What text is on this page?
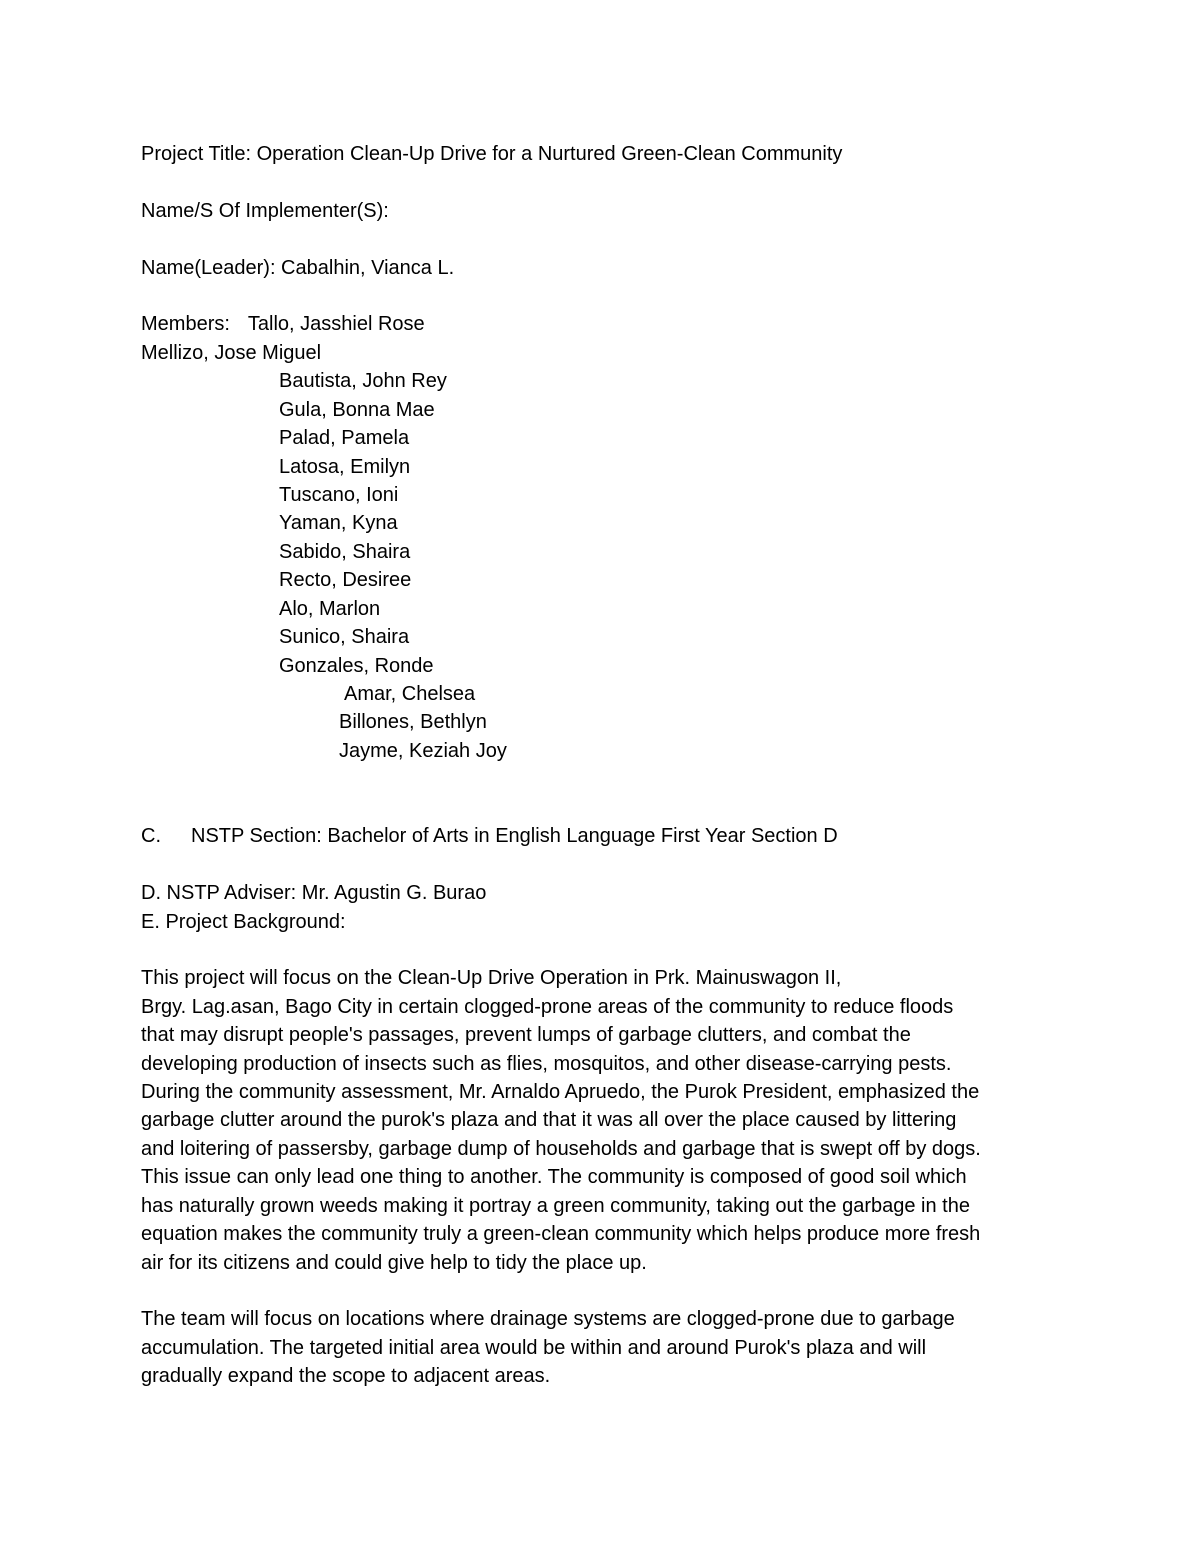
Project Title: Operation Clean-Up Drive for a Nurtured Green-Clean Community
Name/S Of Implementer(S):
Name(Leader): Cabalhin, Vianca L.
Members: Tallo, Jasshiel Rose
Mellizo, Jose Miguel
Bautista, John Rey
Gula, Bonna Mae
Palad, Pamela
Latosa, Emilyn
Tuscano, Ioni
Yaman, Kyna
Sabido, Shaira
Recto, Desiree
Alo, Marlon
Sunico, Shaira
Gonzales, Ronde
Amar, Chelsea
Billones, Bethlyn
Jayme, Keziah Joy
C. NSTP Section: Bachelor of Arts in English Language First Year Section D
D. NSTP Adviser: Mr. Agustin G. Burao
E. Project Background:
This project will focus on the Clean-Up Drive Operation in Prk. Mainuswagon II,
Brgy. Lag.asan, Bago City in certain clogged-prone areas of the community to reduce floods
that may disrupt people's passages, prevent lumps of garbage clutters, and combat the
developing production of insects such as flies, mosquitos, and other disease-carrying pests.
During the community assessment, Mr. Arnaldo Apruedo, the Purok President, emphasized the
garbage clutter around the purok's plaza and that it was all over the place caused by littering
and loitering of passersby, garbage dump of households and garbage that is swept off by dogs.
This issue can only lead one thing to another. The community is composed of good soil which
has naturally grown weeds making it portray a green community, taking out the garbage in the
equation makes the community truly a green-clean community which helps produce more fresh
air for its citizens and could give help to tidy the place up.
The team will focus on locations where drainage systems are clogged-prone due to garbage
accumulation. The targeted initial area would be within and around Purok's plaza and will
gradually expand the scope to adjacent areas.
